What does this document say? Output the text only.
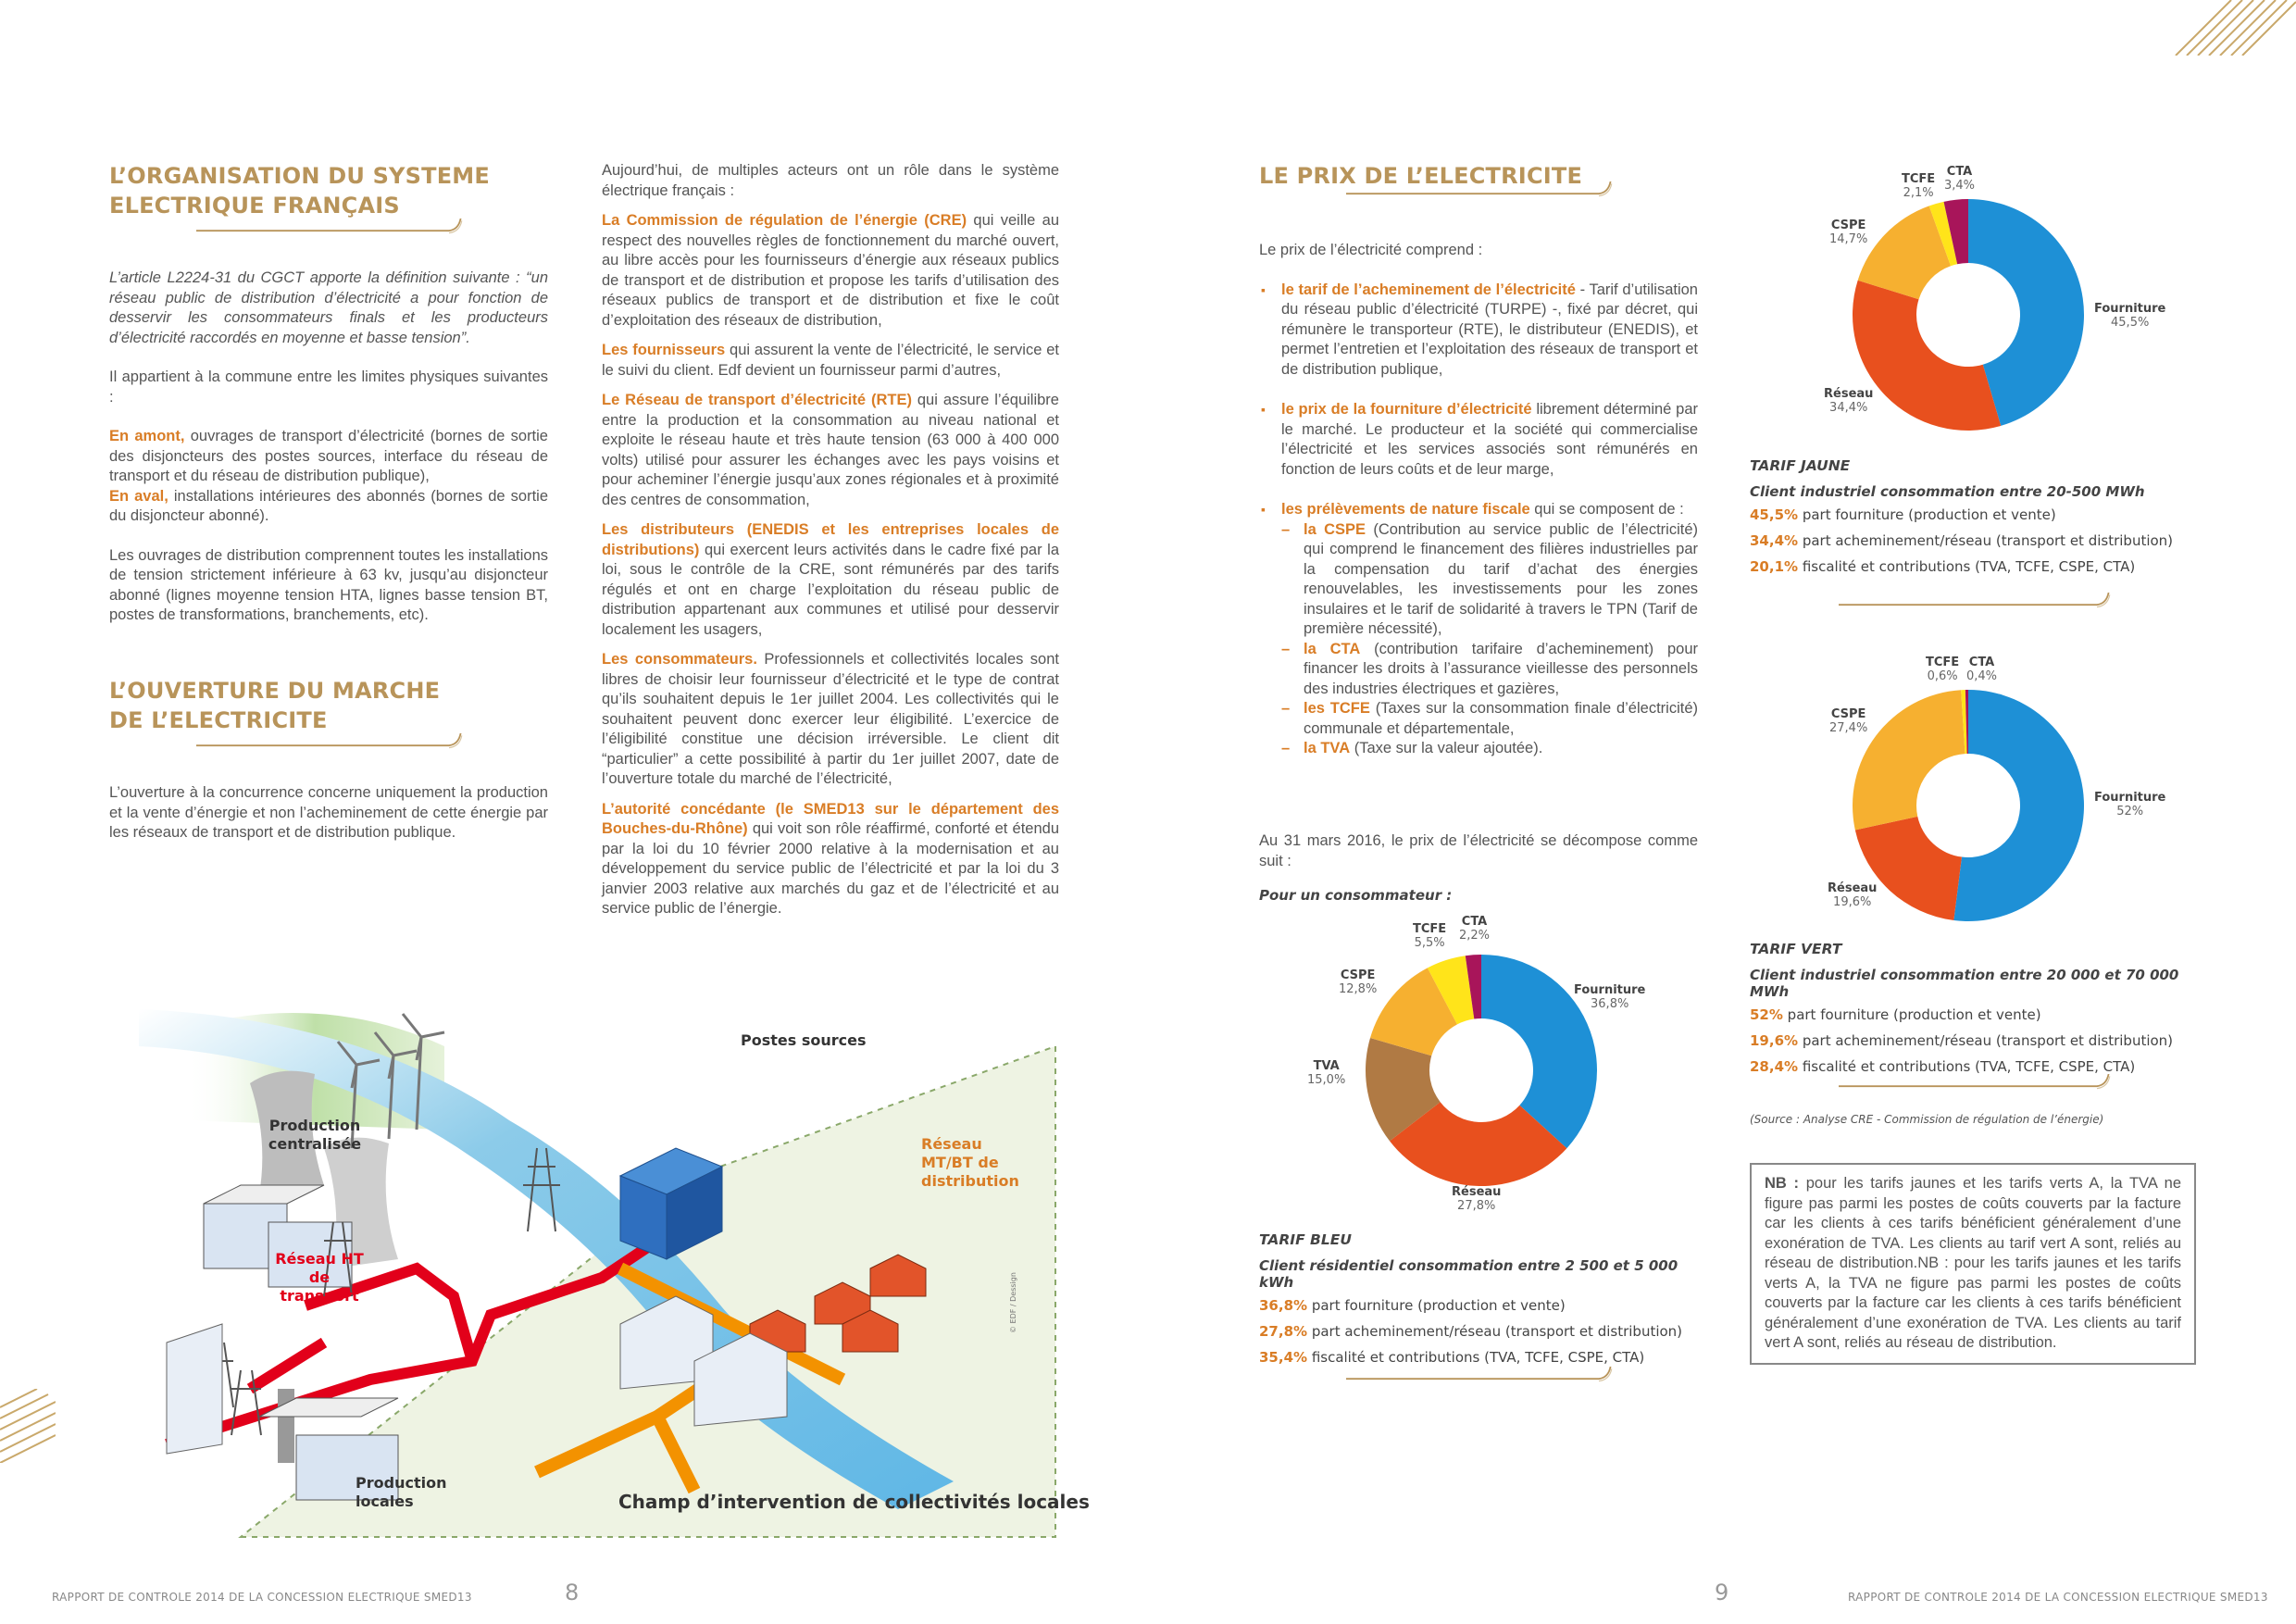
L’ORGANISATION DU SYSTEME ELECTRIQUE FRANÇAIS

L’article L2224-31 du CGCT apporte la définition suivante : “un réseau public de distribution d’électricité a pour fonction de desservir les consommateurs finals et les producteurs d’électricité raccordés en moyenne et basse tension”.

Il appartient à la commune entre les limites physiques suivantes :

En amont, ouvrages de transport d’électricité (bornes de sortie des disjoncteurs des postes sources, interface du réseau de transport et du réseau de distribution publique),

En aval, installations intérieures des abonnés (bornes de sortie du disjoncteur abonné).

Les ouvrages de distribution comprennent toutes les installations de tension strictement inférieure à 63 kv, jusqu’au disjoncteur abonné (lignes moyenne tension HTA, lignes basse tension BT, postes de transformations, branchements, etc).

L’OUVERTURE DU MARCHE DE L’ELECTRICITE
L’ouverture à la concurrence concerne uniquement la production et la vente d’énergie et non l’acheminement de cette énergie par les réseaux de transport et de distribution publique.

Aujourd’hui, de multiples acteurs ont un rôle dans le système électrique français :

La Commission de régulation de l’énergie (CRE) qui veille au respect des nouvelles règles de fonctionnement du marché ouvert, au libre accès pour les fournisseurs d’énergie aux réseaux publics de transport et de distribution et propose les tarifs d’utilisation des réseaux publics de transport et de distribution et fixe le coût d’exploitation des réseaux de distribution,

Les fournisseurs qui assurent la vente de l’électricité, le service et le suivi du client. Edf devient un fournisseur parmi d’autres,

Le Réseau de transport d’électricité (RTE) qui assure l’équilibre entre la production et la consommation au niveau national et exploite le réseau haute et très haute tension (63 000 à 400 000 volts) utilisé pour assurer les échanges avec les pays voisins et pour acheminer l’énergie jusqu’aux zones régionales et à proximité des centres de consommation,

Les distributeurs (ENEDIS et les entreprises locales de distributions) qui exercent leurs activités dans le cadre fixé par la loi, sous le contrôle de la CRE, sont rémunérés par des tarifs régulés et ont en charge l’exploitation du réseau public de distribution appartenant aux communes et utilisé pour desservir localement les usagers,

Les consommateurs. Professionnels et collectivités locales sont libres de choisir leur fournisseur d’électricité et le type de contrat qu’ils souhaitent depuis le 1er juillet 2004. Les collectivités qui le souhaitent peuvent donc exercer leur éligibilité. L’exercice de l’éligibilité constitue une décision irréversible. Le client dit “particulier” a cette possibilité à partir du 1er juillet 2007, date de l’ouverture totale du marché de l’électricité,

L’autorité concédante (le SMED13 sur le département des Bouches-du-Rhône) qui voit son rôle réaffirmé, conforté et étendu par la loi du 10 février 2000 relative à la modernisation et au développement du service public de l’électricité et par la loi du 3 janvier 2003 relative aux marchés du gaz et de l’électricité et au service public de l’énergie.

Production centralisée
Réseau HT de transport
Postes sources
Réseau MT/BT de distribution
Production locales	Champ d’intervention de collectivités locales
© EDF / Dessign
LE PRIX DE L’ELECTRICITE

Le prix de l’électricité comprend :

▪ le tarif de l’acheminement de l’électricité - Tarif d’utilisation du réseau public d’électricité (TURPE) -, fixé par décret, qui rémunère le transporteur (RTE), le distributeur (ENEDIS), et permet l’entretien et l’exploitation des réseaux de transport et de distribution publique,
▪ le prix de la fourniture d’électricité librement déterminé par le marché. Le producteur et la société qui commercialise l’électricité et les services associés sont rémunérés en fonction de leurs coûts et de leur marge,
▪ les prélèvements de nature fiscale qui se composent de :
– la CSPE (Contribution au service public de l’électricité) qui comprend le financement des filières industrielles par la compensation du tarif d’achat des énergies renouvelables, les investissements pour les zones insulaires et le tarif de solidarité à travers le TPN (Tarif de première nécessité),
– la CTA (contribution tarifaire d’acheminement) pour financer les droits à l’assurance vieillesse des personnels des industries électriques et gazières,
– les TCFE (Taxes sur la consommation finale d’électricité) communale et départementale,
– la TVA (Taxe sur la valeur ajoutée).
Au 31 mars 2016, le prix de l’électricité se décompose comme suit :
Pour un consommateur :
Fourniture
36,8%
Réseau
27,8%
TVA
15,0%
CSPE
12,8%
TCFE
5,5%
CTA
2,2%
TARIF BLEU
Client résidentiel consommation entre 2 500 et 5 000 kWh
36,8% part fourniture (production et vente)
27,8% part acheminement/réseau (transport et distribution)
35,4% fiscalité et contributions (TVA, TCFE, CSPE, CTA)
Fourniture
45,5%
Réseau
34,4%
CSPE
14,7%
TCFE
2,1%
CTA
3,4%
TARIF JAUNE
Client industriel consommation entre 20-500 MWh
45,5% part fourniture (production et vente)
34,4% part acheminement/réseau (transport et distribution)
20,1% fiscalité et contributions (TVA, TCFE, CSPE, CTA)
Fourniture
52%
Réseau
19,6%
CSPE
27,4%
TCFE
0,6%
CTA
0,4%
TARIF VERT
Client industriel consommation entre 20 000 et 70 000 MWh
52% part fourniture (production et vente)
19,6% part acheminement/réseau (transport et distribution)
28,4% fiscalité et contributions (TVA, TCFE, CSPE, CTA)
(Source : Analyse CRE - Commission de régulation de l’énergie)
NB : pour les tarifs jaunes et les tarifs verts A, la TVA ne figure pas parmi les postes de coûts couverts par la facture car les clients à ces tarifs bénéficient généralement d’une exonération de TVA. Les clients au tarif vert A sont, reliés au réseau de distribution.NB : pour les tarifs jaunes et les tarifs verts A, la TVA ne figure pas parmi les postes de coûts couverts par la facture car les clients à ces tarifs bénéficient généralement d’une exonération de TVA. Les clients au tarif vert A sont, reliés au réseau de distribution.
RAPPORT DE CONTROLE 2014 DE LA CONCESSION ELECTRIQUE SMED13	8	9	RAPPORT DE CONTROLE 2014 DE LA CONCESSION ELECTRIQUE SMED13
